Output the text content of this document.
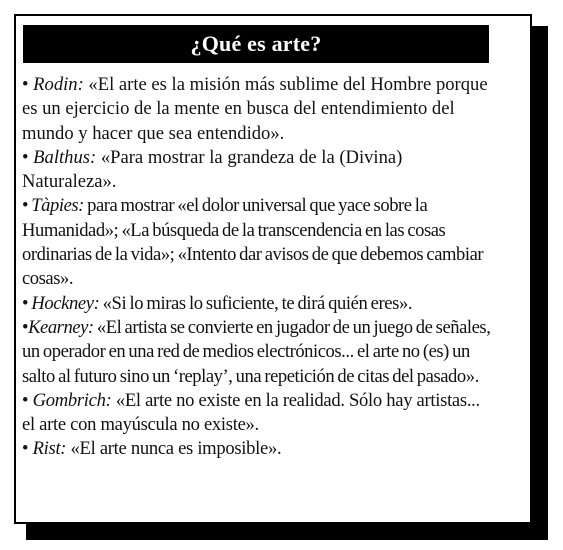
¿Qué es arte?

• Rodin: «El arte es la misión más sublime del Hombre porque es un ejercicio de la mente en busca del entendimiento del mundo y hacer que sea entendido».

• Balthus: «Para mostrar la grandeza de la (Divina) Naturaleza».

• Tàpies: para mostrar «el dolor universal que yace sobre la Humanidad»; «La búsqueda de la transcendencia en las cosas ordinarias de la vida»; «Intento dar avisos de que debemos cambiar cosas».

• Hockney: «Si lo miras lo suficiente, te dirá quién eres».

•Kearney: «El artista se convierte en jugador de un juego de señales, un operador en una red de medios electrónicos... el arte no (es) un salto al futuro sino un ‘replay’, una repetición de citas del pasado».

• Gombrich: «El arte no existe en la realidad. Sólo hay artistas... el arte con mayúscula no existe».

• Rist: «El arte nunca es imposible».
